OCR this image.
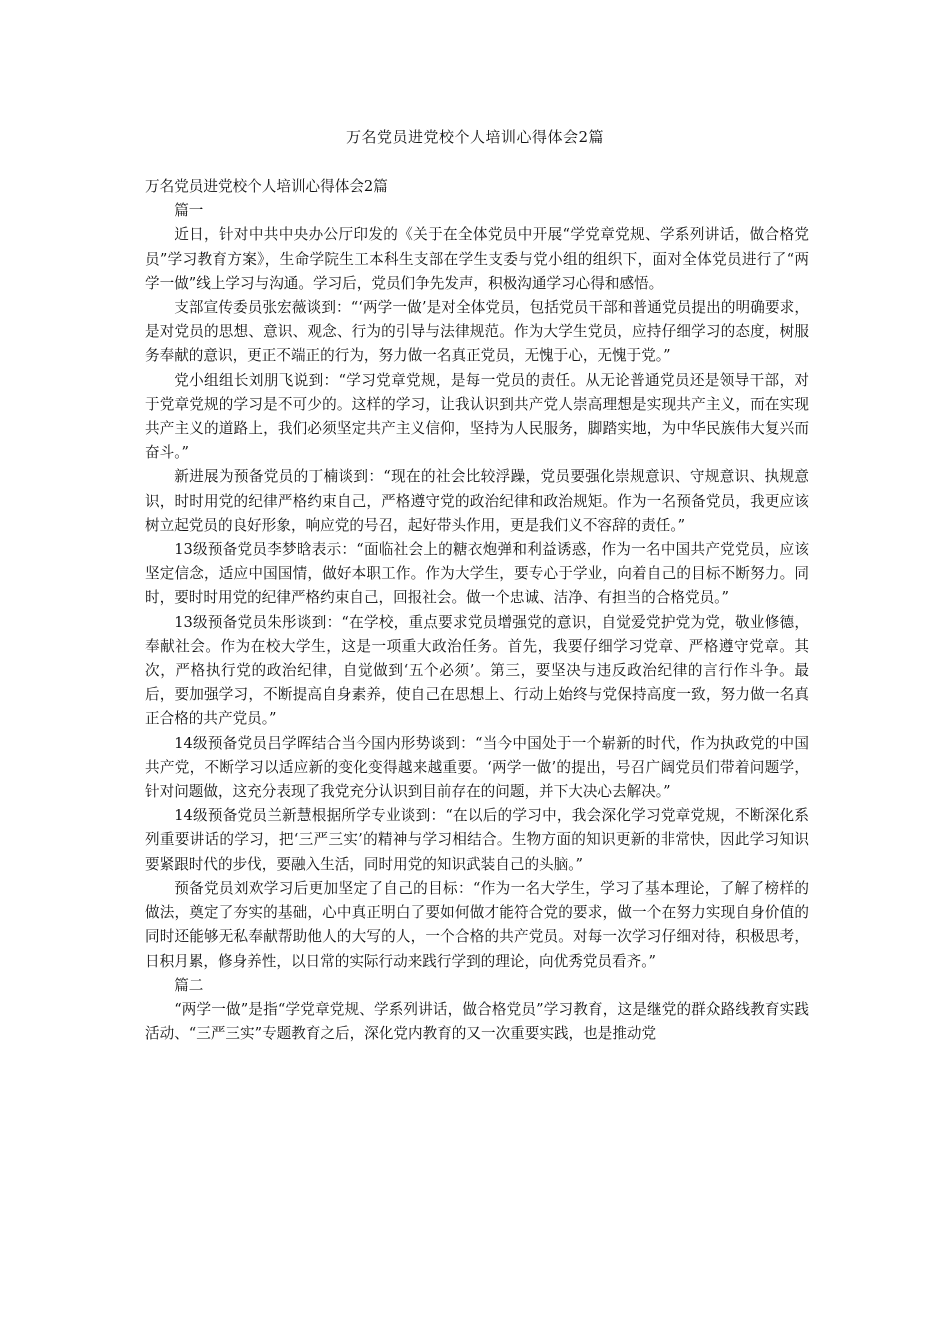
万名党员进党校个人培训心得体会2篇

万名党员进党校个人培训心得体会2篇

篇一

近日，针对中共中央办公厅印发的《关于在全体党员中开展“学党章党规、学系列讲话，做合格党员”学习教育方案》，生命学院生工本科生支部在学生支委与党小组的组织下，面对全体党员进行了“两学一做”线上学习与沟通。学习后，党员们争先发声，积极沟通学习心得和感悟。

支部宣传委员张宏薇谈到：“‘两学一做’是对全体党员，包括党员干部和普通党员提出的明确要求，是对党员的思想、意识、观念、行为的引导与法律规范。作为大学生党员，应持仔细学习的态度，树服务奉献的意识，更正不端正的行为，努力做一名真正党员，无愧于心，无愧于党。”

党小组组长刘朋飞说到：“学习党章党规，是每一党员的责任。从无论普通党员还是领导干部，对于党章党规的学习是不可少的。这样的学习，让我认识到共产党人崇高理想是实现共产主义，而在实现共产主义的道路上，我们必须坚定共产主义信仰，坚持为人民服务，脚踏实地，为中华民族伟大复兴而奋斗。”

新进展为预备党员的丁楠谈到：“现在的社会比较浮躁，党员要强化崇规意识、守规意识、执规意识，时时用党的纪律严格约束自己，严格遵守党的政治纪律和政治规矩。作为一名预备党员，我更应该树立起党员的良好形象，响应党的号召，起好带头作用，更是我们义不容辞的责任。”

13级预备党员李梦晗表示：“面临社会上的糖衣炮弹和利益诱惑，作为一名中国共产党党员，应该坚定信念，适应中国国情，做好本职工作。作为大学生，要专心于学业，向着自己的目标不断努力。同时，要时时用党的纪律严格约束自己，回报社会。做一个忠诚、洁净、有担当的合格党员。”

13级预备党员朱彤谈到：“在学校，重点要求党员增强党的意识，自觉爱党护党为党，敬业修德，奉献社会。作为在校大学生，这是一项重大政治任务。首先，我要仔细学习党章、严格遵守党章。其次，严格执行党的政治纪律，自觉做到‘五个必须’。第三，要坚决与违反政治纪律的言行作斗争。最后，要加强学习，不断提高自身素养，使自己在思想上、行动上始终与党保持高度一致，努力做一名真正合格的共产党员。”

14级预备党员吕学晖结合当今国内形势谈到：“当今中国处于一个崭新的时代，作为执政党的中国共产党，不断学习以适应新的变化变得越来越重要。‘两学一做’的提出，号召广阔党员们带着问题学，针对问题做，这充分表现了我党充分认识到目前存在的问题，并下大决心去解决。”

14级预备党员兰新慧根据所学专业谈到：“在以后的学习中，我会深化学习党章党规，不断深化系列重要讲话的学习，把‘三严三实’的精神与学习相结合。生物方面的知识更新的非常快，因此学习知识要紧跟时代的步伐，要融入生活，同时用党的知识武装自己的头脑。”

预备党员刘欢学习后更加坚定了自己的目标：“作为一名大学生，学习了基本理论，了解了榜样的做法，奠定了夯实的基础，心中真正明白了要如何做才能符合党的要求，做一个在努力实现自身价值的同时还能够无私奉献帮助他人的大写的人，一个合格的共产党员。对每一次学习仔细对待，积极思考，日积月累，修身养性，以日常的实际行动来践行学到的理论，向优秀党员看齐。”

篇二

“两学一做”是指“学党章党规、学系列讲话，做合格党员”学习教育，这是继党的群众路线教育实践活动、“三严三实”专题教育之后，深化党内教育的又一次重要实践，也是推动党
